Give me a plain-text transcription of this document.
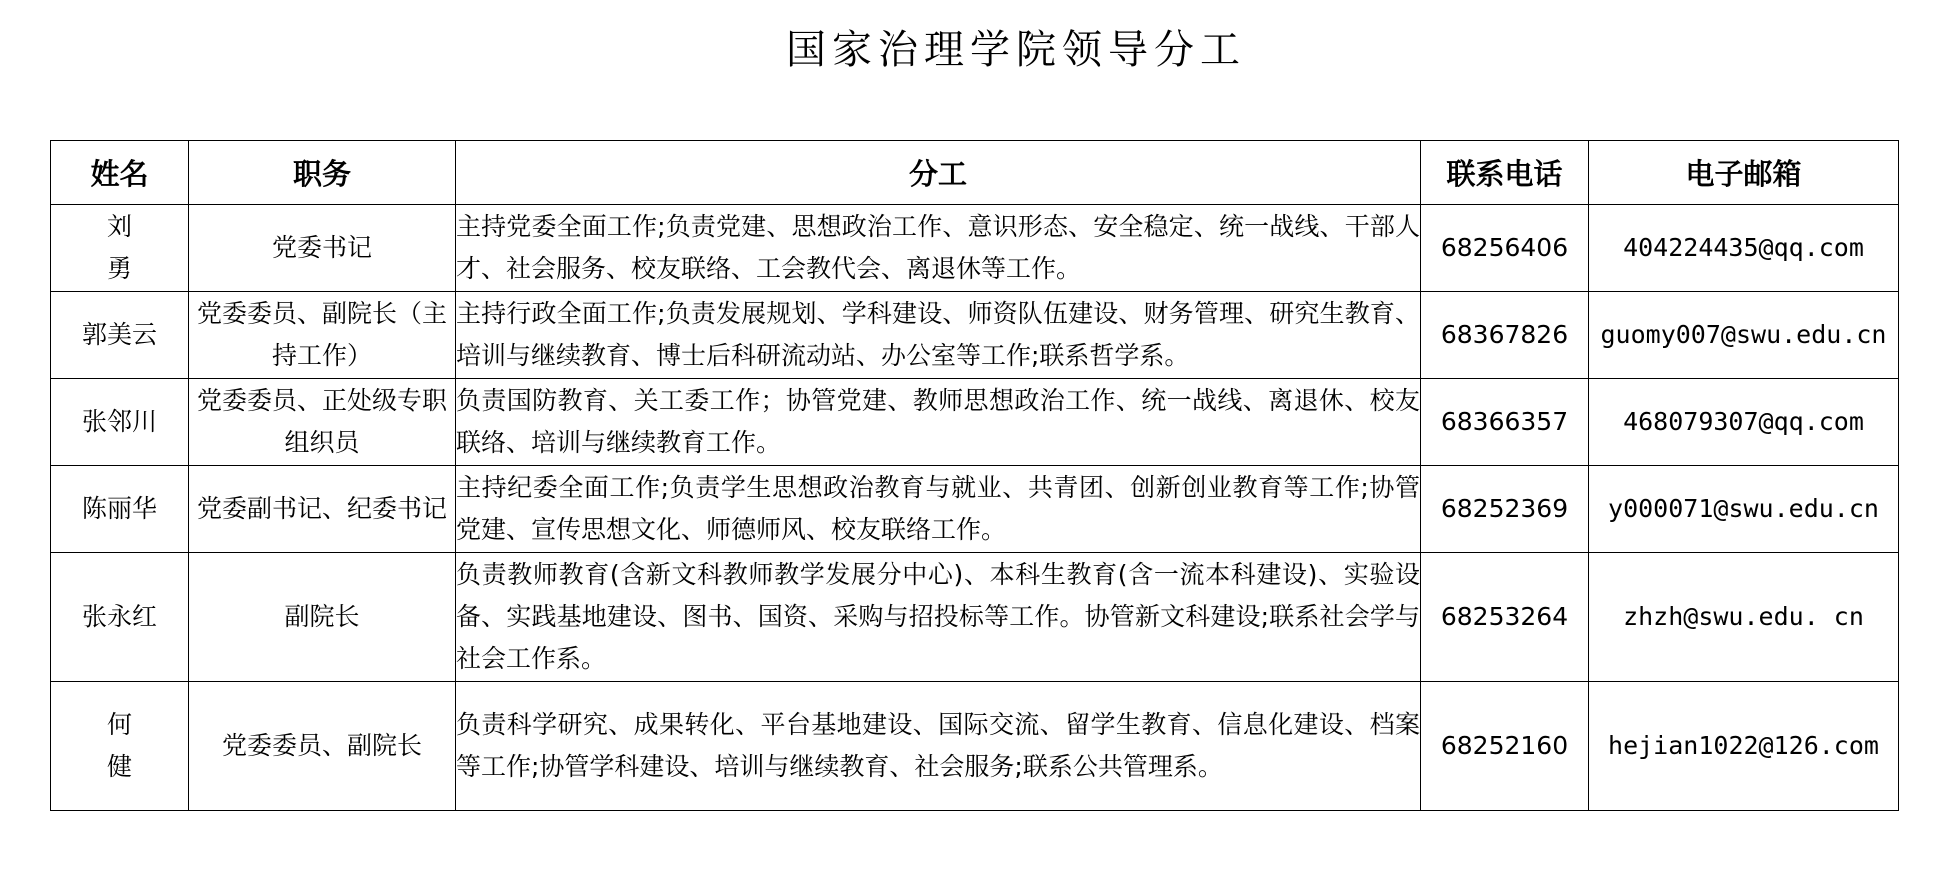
国家治理学院领导分工
姓名	职务	分工	联系电话	电子邮箱
刘 勇	党委书记	主持党委全面工作;负责党建、思想政治工作、意识形态、安全稳定、统一战线、干部人才、社会服务、校友联络、工会教代会、离退休等工作。	68256406	404224435@qq.com
郭美云	党委委员、副院长（主持工作）	主持行政全面工作;负责发展规划、学科建设、师资队伍建设、财务管理、研究生教育、培训与继续教育、博士后科研流动站、办公室等工作;联系哲学系。	68367826	guomy007@swu.edu.cn
张邻川	党委委员、正处级专职组织员	负责国防教育、关工委工作；协管党建、教师思想政治工作、统一战线、离退休、校友联络、培训与继续教育工作。	68366357	468079307@qq.com
陈丽华	党委副书记、纪委书记	主持纪委全面工作;负责学生思想政治教育与就业、共青团、创新创业教育等工作;协管党建、宣传思想文化、师德师风、校友联络工作。	68252369	y000071@swu.edu.cn
张永红	副院长	负责教师教育(含新文科教师教学发展分中心)、本科生教育(含一流本科建设)、实验设备、实践基地建设、图书、国资、采购与招投标等工作。协管新文科建设;联系社会学与社会工作系。	68253264	zhzh@swu.edu. cn
何 健	党委委员、副院长	负责科学研究、成果转化、平台基地建设、国际交流、留学生教育、信息化建设、档案等工作;协管学科建设、培训与继续教育、社会服务;联系公共管理系。	68252160	hejian1022@126.com
